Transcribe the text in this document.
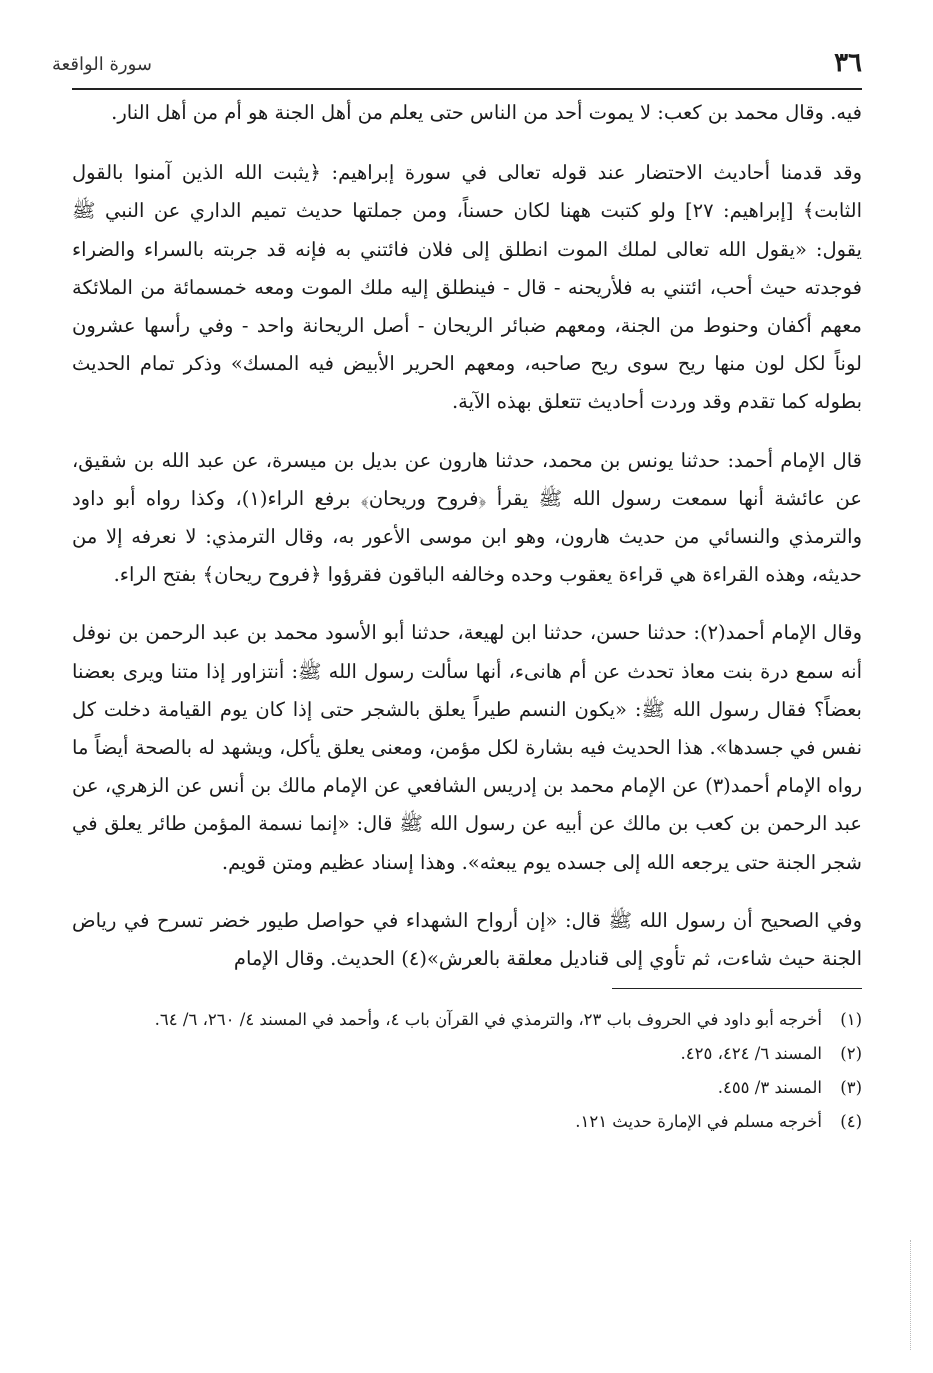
٣٦
سورة الواقعة

فيه. وقال محمد بن كعب: لا يموت أحد من الناس حتى يعلم من أهل الجنة هو أم من أهل النار.

وقد قدمنا أحاديث الاحتضار عند قوله تعالى في سورة إبراهيم: ﴿يثبت الله الذين آمنوا بالقول الثابت﴾ [إبراهيم: ٢٧] ولو كتبت ههنا لكان حسناً، ومن جملتها حديث تميم الداري عن النبي ﷺ يقول: «يقول الله تعالى لملك الموت انطلق إلى فلان فائتني به فإنه قد جربته بالسراء والضراء فوجدته حيث أحب، ائتني به فلأريحنه - قال - فينطلق إليه ملك الموت ومعه خمسمائة من الملائكة معهم أكفان وحنوط من الجنة، ومعهم ضبائر الريحان - أصل الريحانة واحد - وفي رأسها عشرون لوناً لكل لون منها ريح سوى ريح صاحبه، ومعهم الحرير الأبيض فيه المسك» وذكر تمام الحديث بطوله كما تقدم وقد وردت أحاديث تتعلق بهذه الآية.

قال الإمام أحمد: حدثنا يونس بن محمد، حدثنا هارون عن بديل بن ميسرة، عن عبد الله بن شقيق، عن عائشة أنها سمعت رسول الله ﷺ يقرأ ﴿فروح وريحان﴾ برفع الراء(١)، وكذا رواه أبو داود والترمذي والنسائي من حديث هارون، وهو ابن موسى الأعور به، وقال الترمذي: لا نعرفه إلا من حديثه، وهذه القراءة هي قراءة يعقوب وحده وخالفه الباقون فقرؤوا ﴿فروح ريحان﴾ بفتح الراء.

وقال الإمام أحمد(٢): حدثنا حسن، حدثنا ابن لهيعة، حدثنا أبو الأسود محمد بن عبد الرحمن بن نوفل أنه سمع درة بنت معاذ تحدث عن أم هانىء، أنها سألت رسول الله ﷺ: أنتزاور إذا متنا ويرى بعضنا بعضاً؟ فقال رسول الله ﷺ: «يكون النسم طيراً يعلق بالشجر حتى إذا كان يوم القيامة دخلت كل نفس في جسدها». هذا الحديث فيه بشارة لكل مؤمن، ومعنى يعلق يأكل، ويشهد له بالصحة أيضاً ما رواه الإمام أحمد(٣) عن الإمام محمد بن إدريس الشافعي عن الإمام مالك بن أنس عن الزهري، عن عبد الرحمن بن كعب بن مالك عن أبيه عن رسول الله ﷺ قال: «إنما نسمة المؤمن طائر يعلق في شجر الجنة حتى يرجعه الله إلى جسده يوم يبعثه». وهذا إسناد عظيم ومتن قويم.

وفي الصحيح أن رسول الله ﷺ قال: «إن أرواح الشهداء في حواصل طيور خضر تسرح في رياض الجنة حيث شاءت، ثم تأوي إلى قناديل معلقة بالعرش»(٤) الحديث. وقال الإمام

(١)
أخرجه أبو داود في الحروف باب ٢٣، والترمذي في القرآن باب ٤، وأحمد في المسند ٤/ ٢٦٠، ٦/ ٦٤.
(٢)
المسند ٦/ ٤٢٤، ٤٢٥.
(٣)
المسند ٣/ ٤٥٥.
(٤)
أخرجه مسلم في الإمارة حديث ١٢١.
